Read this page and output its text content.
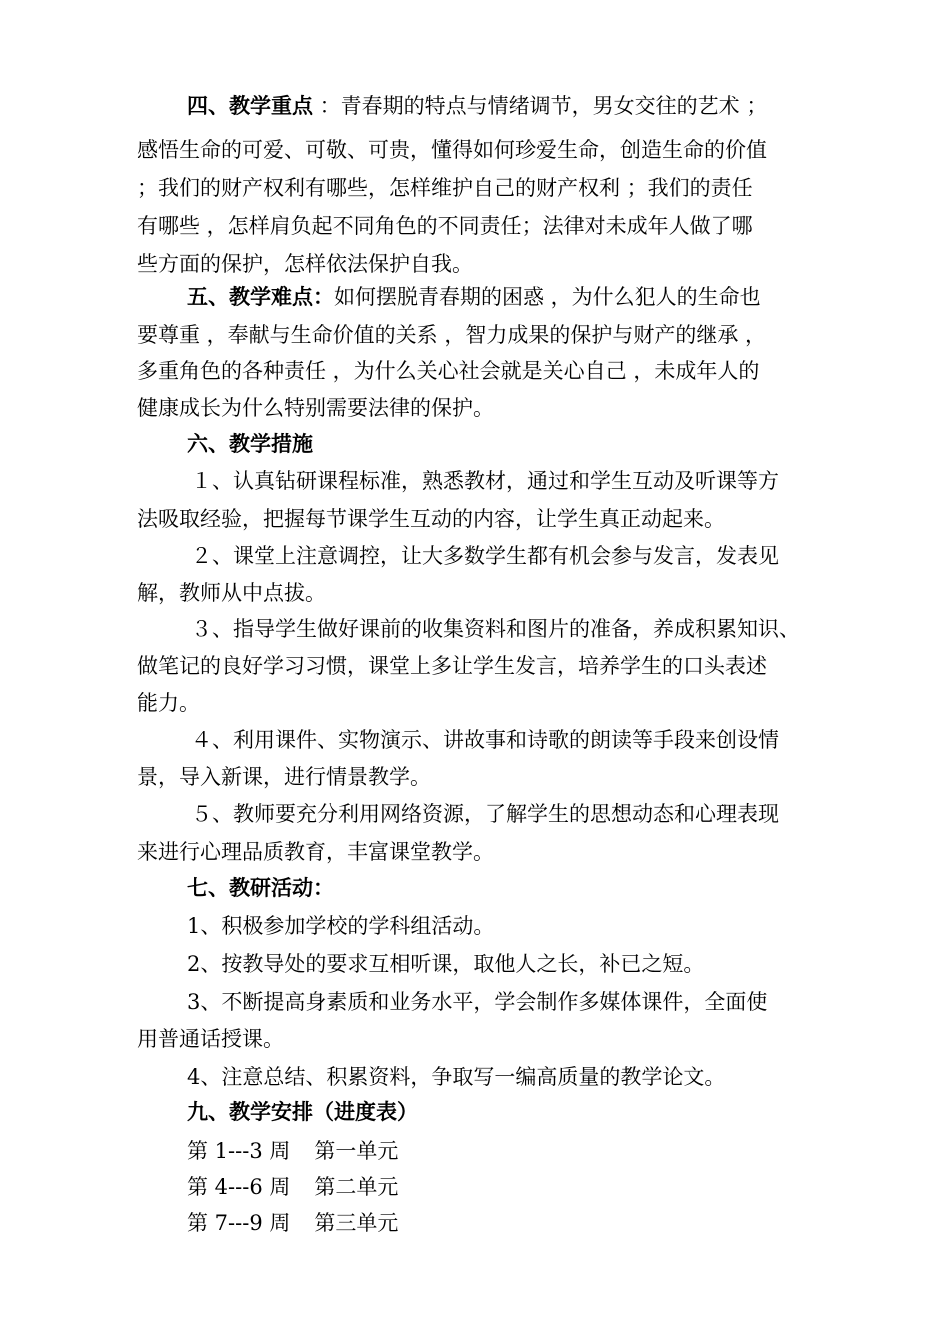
四、教学重点 ：青春期的特点与情绪调节，男女交往的艺术 ；
感悟生命的可爱、可敬、可贵，懂得如何珍爱生命，创造生命的价值
；我们的财产权利有哪些，怎样维护自己的财产权利 ；我们的责任
有哪些 ，怎样肩负起不同角色的不同责任；法律对未成年人做了哪
些方面的保护，怎样依法保护自我。
五、教学难点：如何摆脱青春期的困惑 ，为什么犯人的生命也
要尊重 ，奉献与生命价值的关系 ，智力成果的保护与财产的继承 ，
多重角色的各种责任 ，为什么关心社会就是关心自己 ，未成年人的
健康成长为什么特别需要法律的保护。
六、教学措施
１、认真钻研课程标准，熟悉教材，通过和学生互动及听课等方
法吸取经验，把握每节课学生互动的内容，让学生真正动起来。
２、课堂上注意调控，让大多数学生都有机会参与发言，发表见
解，教师从中点拔。
３、指导学生做好课前的收集资料和图片的准备，养成积累知识、
做笔记的良好学习习惯，课堂上多让学生发言，培养学生的口头表述
能力。
４、利用课件、实物演示、讲故事和诗歌的朗读等手段来创设情
景，导入新课，进行情景教学。
５、教师要充分利用网络资源，了解学生的思想动态和心理表现
来进行心理品质教育，丰富课堂教学。
七、教研活动：
1、积极参加学校的学科组活动。
2、按教导处的要求互相听课，取他人之长，补已之短。
3、不断提高身素质和业务水平，学会制作多媒体课件，全面使
用普通话授课。
4、注意总结、积累资料，争取写一编高质量的教学论文。
九、教学安排（进度表）
第 1---3 周 第一单元
第 4---6 周 第二单元
第 7---9 周 第三单元
